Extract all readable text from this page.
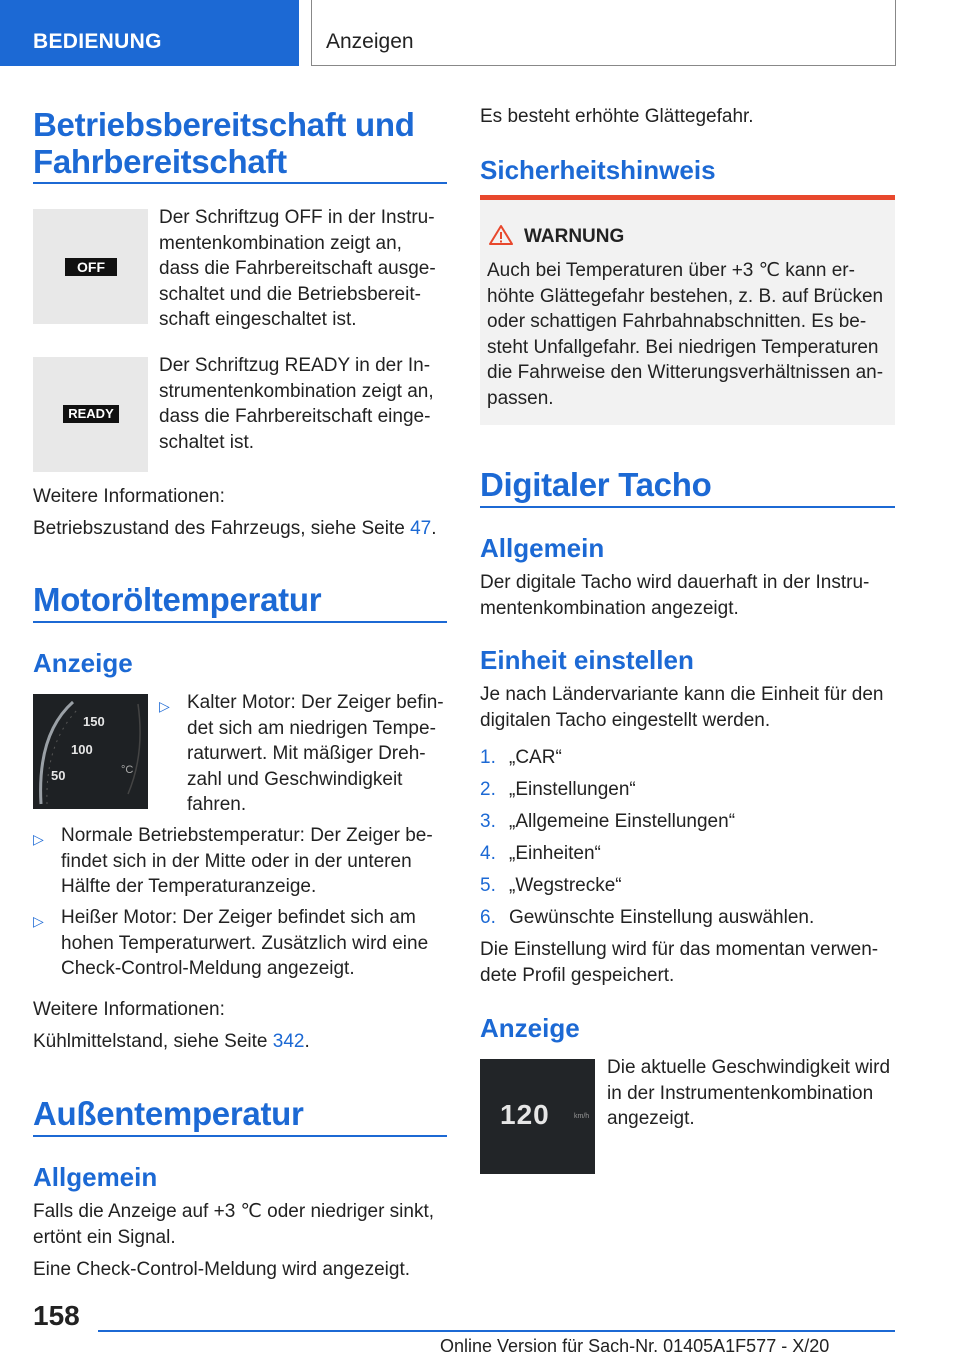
BEDIENUNG	Anzeigen
Betriebsbereitschaft und
Fahrbereitschaft
OFF
Der Schriftzug OFF in der Instru-
mentenkombination zeigt an,
dass die Fahrbereitschaft ausge-
schaltet und die Betriebsbereit-
schaft eingeschaltet ist.
READY
Der Schriftzug READY in der In-
strumentenkombination zeigt an,
dass die Fahrbereitschaft einge-
schaltet ist.
Weitere Informationen:
Betriebszustand des Fahrzeugs, siehe Seite 47.
Motoröltemperatur
Anzeige
150
100
50	°C
▷ Kalter Motor: Der Zeiger befin-
det sich am niedrigen Tempe-
raturwert. Mit mäßiger Dreh-
zahl und Geschwindigkeit
fahren.
▷ Normale Betriebstemperatur: Der Zeiger be-
findet sich in der Mitte oder in der unteren
Hälfte der Temperaturanzeige.
▷ Heißer Motor: Der Zeiger befindet sich am
hohen Temperaturwert. Zusätzlich wird eine
Check-Control-Meldung angezeigt.
Weitere Informationen:
Kühlmittelstand, siehe Seite 342.
Außentemperatur
Allgemein
Falls die Anzeige auf +3 ℃ oder niedriger sinkt,
ertönt ein Signal.
Eine Check-Control-Meldung wird angezeigt.
Es besteht erhöhte Glättegefahr.
Sicherheitshinweis
WARNUNG
Auch bei Temperaturen über +3 ℃ kann er-
höhte Glättegefahr bestehen, z. B. auf Brücken
oder schattigen Fahrbahnabschnitten. Es be-
steht Unfallgefahr. Bei niedrigen Temperaturen
die Fahrweise den Witterungsverhältnissen an-
passen.
Digitaler Tacho
Allgemein
Der digitale Tacho wird dauerhaft in der Instru-
mentenkombination angezeigt.
Einheit einstellen
Je nach Ländervariante kann die Einheit für den
digitalen Tacho eingestellt werden.
1. „CAR“
2. „Einstellungen“
3. „Allgemeine Einstellungen“
4. „Einheiten“
5. „Wegstrecke“
6. Gewünschte Einstellung auswählen.
Die Einstellung wird für das momentan verwen-
dete Profil gespeichert.
Anzeige
120	km/h
Die aktuelle Geschwindigkeit wird
in der Instrumentenkombination
angezeigt.
158
Online Version für Sach-Nr. 01405A1F577 - X/20
